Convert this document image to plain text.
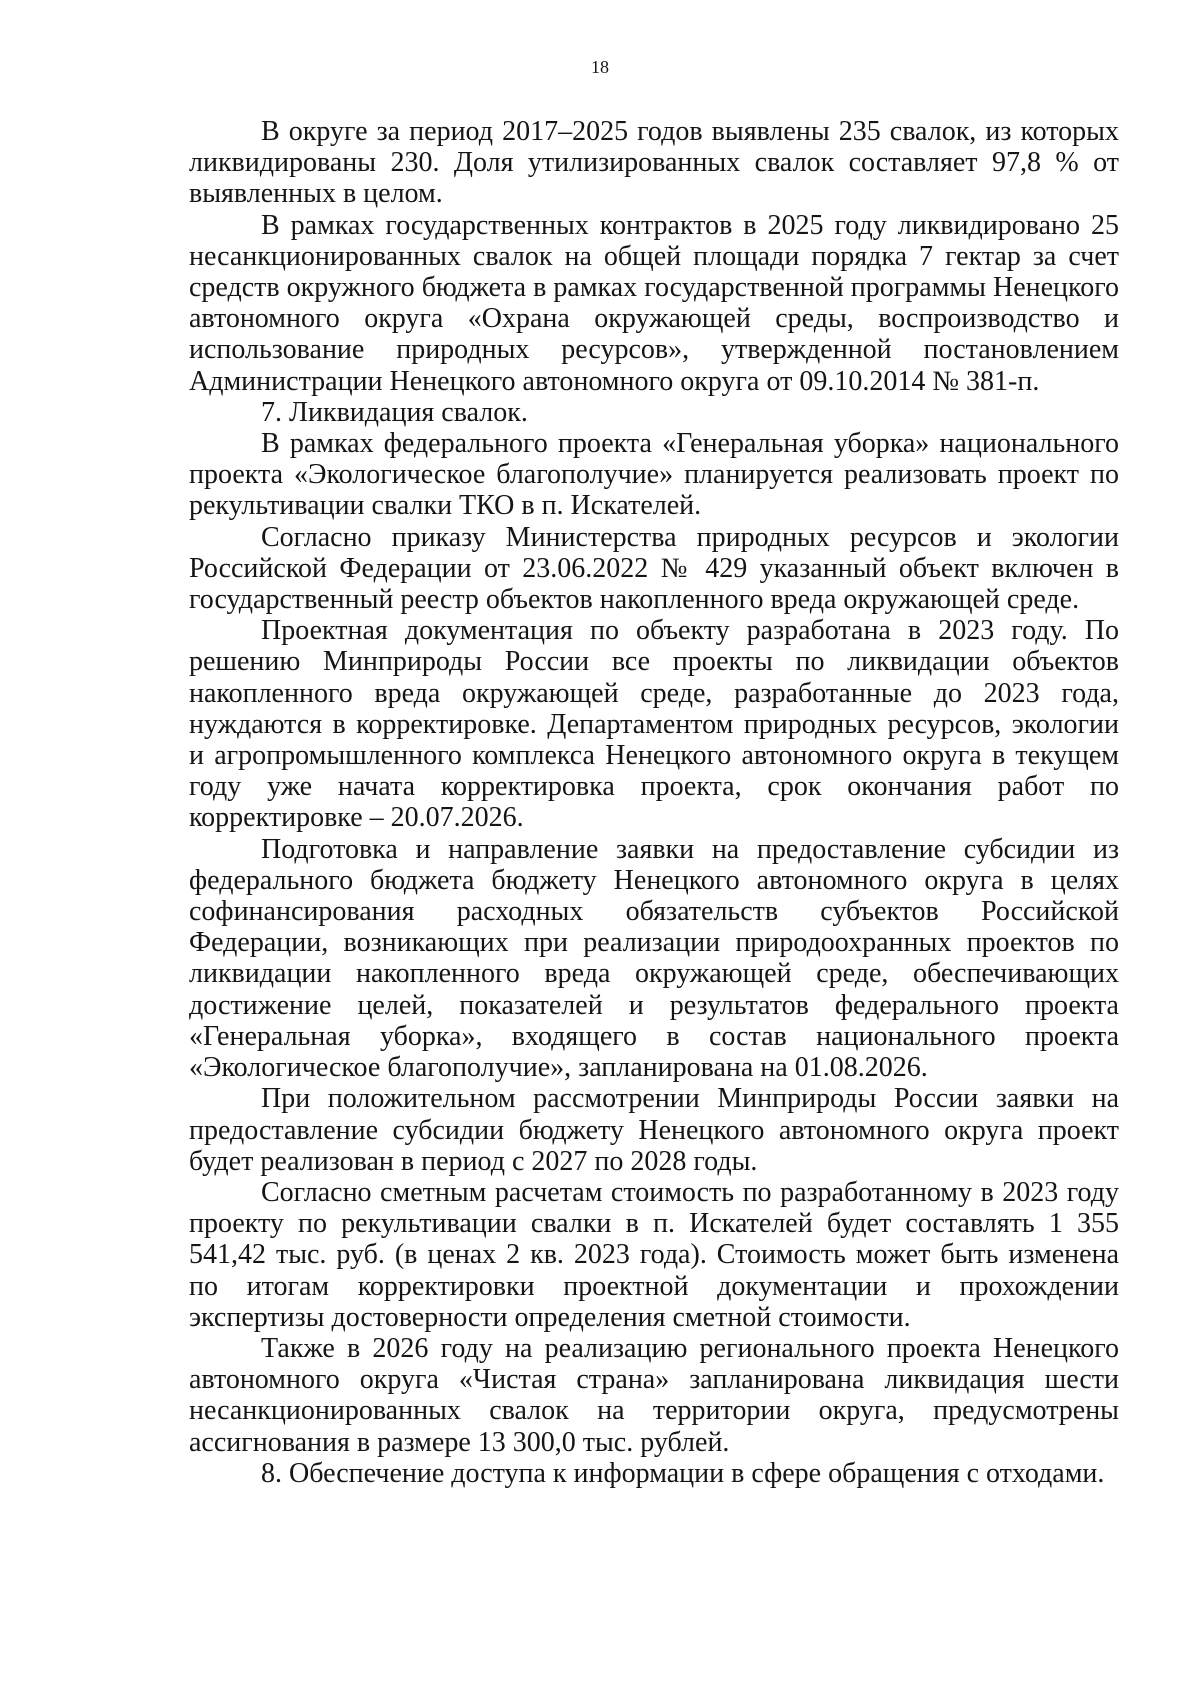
18

В округе за период 2017–2025 годов выявлены 235 свалок, из которых ликвидированы 230. Доля утилизированных свалок составляет 97,8 % от выявленных в целом.

В рамках государственных контрактов в 2025 году ликвидировано 25 несанкционированных свалок на общей площади порядка 7 гектар за счет средств окружного бюджета в рамках государственной программы Ненецкого автономного округа «Охрана окружающей среды, воспроизводство и использование природных ресурсов», утвержденной постановлением Администрации Ненецкого автономного округа от 09.10.2014 № 381-п.

7. Ликвидация свалок.

В рамках федерального проекта «Генеральная уборка» национального проекта «Экологическое благополучие» планируется реализовать проект по рекультивации свалки ТКО в п. Искателей.

Согласно приказу Министерства природных ресурсов и экологии Российской Федерации от 23.06.2022 № 429 указанный объект включен в государственный реестр объектов накопленного вреда окружающей среде.

Проектная документация по объекту разработана в 2023 году. По решению Минприроды России все проекты по ликвидации объектов накопленного вреда окружающей среде, разработанные до 2023 года, нуждаются в корректировке. Департаментом природных ресурсов, экологии и агропромышленного комплекса Ненецкого автономного округа в текущем году уже начата корректировка проекта, срок окончания работ по корректировке – 20.07.2026.

Подготовка и направление заявки на предоставление субсидии из федерального бюджета бюджету Ненецкого автономного округа в целях софинансирования расходных обязательств субъектов Российской Федерации, возникающих при реализации природоохранных проектов по ликвидации накопленного вреда окружающей среде, обеспечивающих достижение целей, показателей и результатов федерального проекта «Генеральная уборка», входящего в состав национального проекта «Экологическое благополучие», запланирована на 01.08.2026.

При положительном рассмотрении Минприроды России заявки на предоставление субсидии бюджету Ненецкого автономного округа проект будет реализован в период с 2027 по 2028 годы.

Согласно сметным расчетам стоимость по разработанному в 2023 году проекту по рекультивации свалки в п. Искателей будет составлять 1 355 541,42 тыс. руб. (в ценах 2 кв. 2023 года). Стоимость может быть изменена по итогам корректировки проектной документации и прохождении экспертизы достоверности определения сметной стоимости.

Также в 2026 году на реализацию регионального проекта Ненецкого автономного округа «Чистая страна» запланирована ликвидация шести несанкционированных свалок на территории округа, предусмотрены ассигнования в размере 13 300,0 тыс. рублей.

8. Обеспечение доступа к информации в сфере обращения с отходами.
